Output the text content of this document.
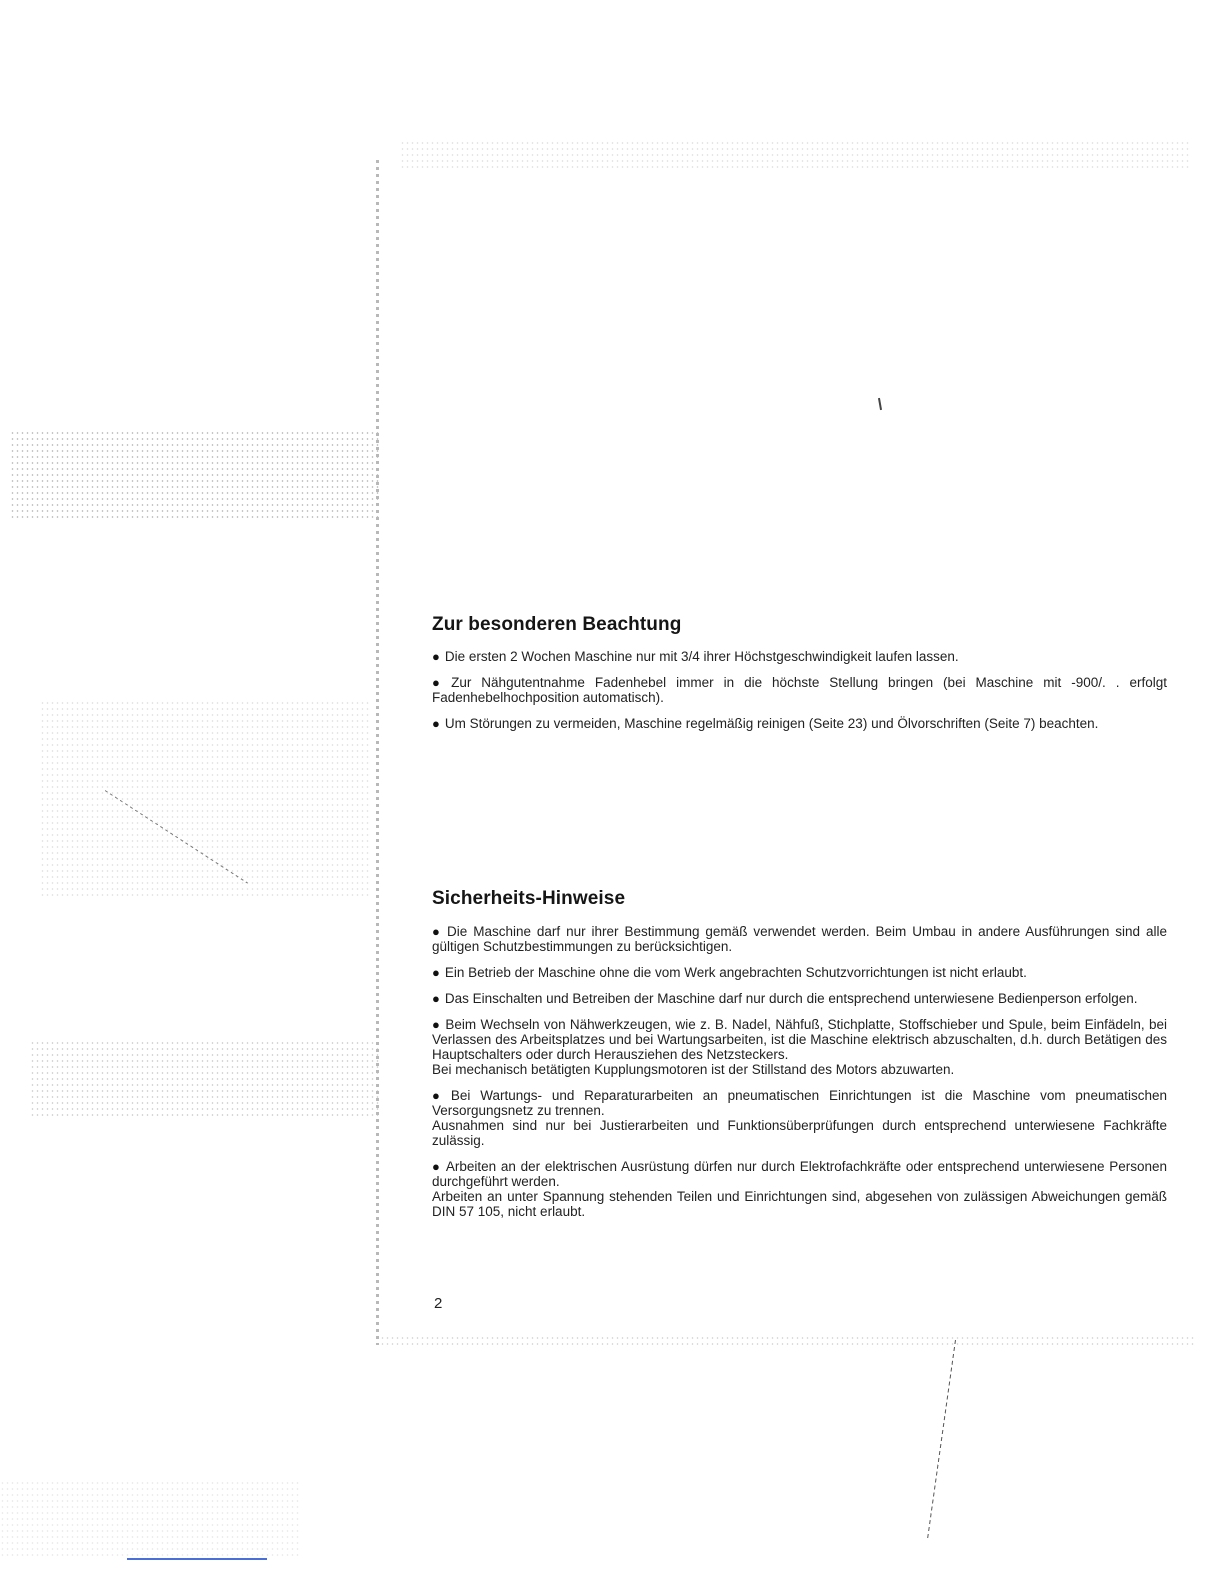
Zur besonderen Beachtung

● Die ersten 2 Wochen Maschine nur mit 3/4 ihrer Höchstgeschwindigkeit laufen lassen.

● Zur Nähgutentnahme Fadenhebel immer in die höchste Stellung bringen (bei Maschine mit -900/. . erfolgt Fadenhebelhochposition automatisch).

● Um Störungen zu vermeiden, Maschine regelmäßig reinigen (Seite 23) und Ölvorschriften (Seite 7) beachten.

Sicherheits-Hinweise

● Die Maschine darf nur ihrer Bestimmung gemäß verwendet werden. Beim Umbau in andere Ausführungen sind alle gültigen Schutzbestimmungen zu berücksichtigen.

● Ein Betrieb der Maschine ohne die vom Werk angebrachten Schutzvorrichtungen ist nicht erlaubt.

● Das Einschalten und Betreiben der Maschine darf nur durch die entsprechend unterwiesene Bedienperson erfolgen.

● Beim Wechseln von Nähwerkzeugen, wie z. B. Nadel, Nähfuß, Stichplatte, Stoffschieber und Spule, beim Einfädeln, bei Verlassen des Arbeitsplatzes und bei Wartungsarbeiten, ist die Maschine elektrisch abzuschalten, d.h. durch Betätigen des Hauptschalters oder durch Herausziehen des Netzsteckers.
Bei mechanisch betätigten Kupplungsmotoren ist der Stillstand des Motors abzuwarten.

● Bei Wartungs- und Reparaturarbeiten an pneumatischen Einrichtungen ist die Maschine vom pneumatischen Versorgungsnetz zu trennen.
Ausnahmen sind nur bei Justierarbeiten und Funktionsüberprüfungen durch entsprechend unterwiesene Fachkräfte zulässig.

● Arbeiten an der elektrischen Ausrüstung dürfen nur durch Elektrofachkräfte oder entsprechend unterwiesene Personen durchgeführt werden.
Arbeiten an unter Spannung stehenden Teilen und Einrichtungen sind, abgesehen von zulässigen Abweichungen gemäß DIN 57 105, nicht erlaubt.

2
